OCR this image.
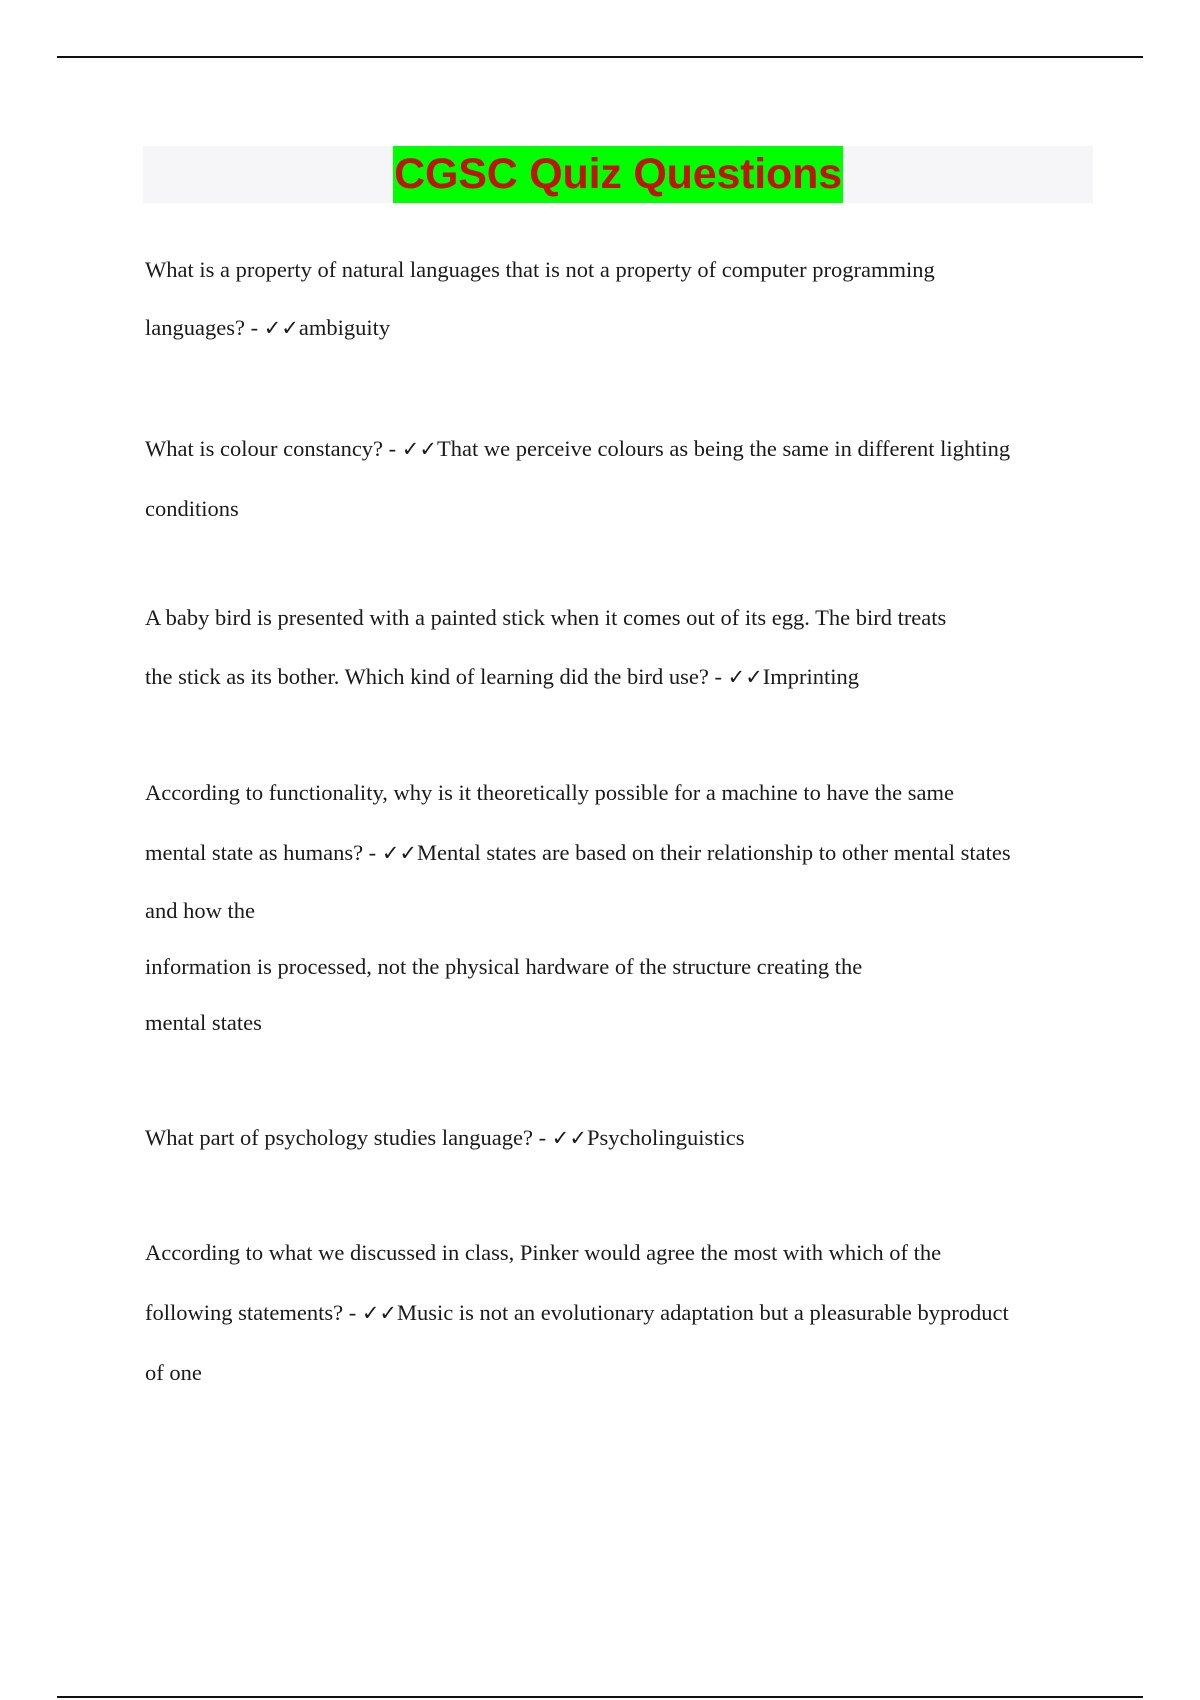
CGSC Quiz Questions
What is a property of natural languages that is not a property of computer programming
languages? - ✓✓ambiguity
What is colour constancy? - ✓✓That we perceive colours as being the same in different lighting
conditions
A baby bird is presented with a painted stick when it comes out of its egg. The bird treats
the stick as its bother. Which kind of learning did the bird use? - ✓✓Imprinting
According to functionality, why is it theoretically possible for a machine to have the same
mental state as humans? - ✓✓Mental states are based on their relationship to other mental states
and how the
information is processed, not the physical hardware of the structure creating the
mental states
What part of psychology studies language? - ✓✓Psycholinguistics
According to what we discussed in class, Pinker would agree the most with which of the
following statements? - ✓✓Music is not an evolutionary adaptation but a pleasurable byproduct
of one
